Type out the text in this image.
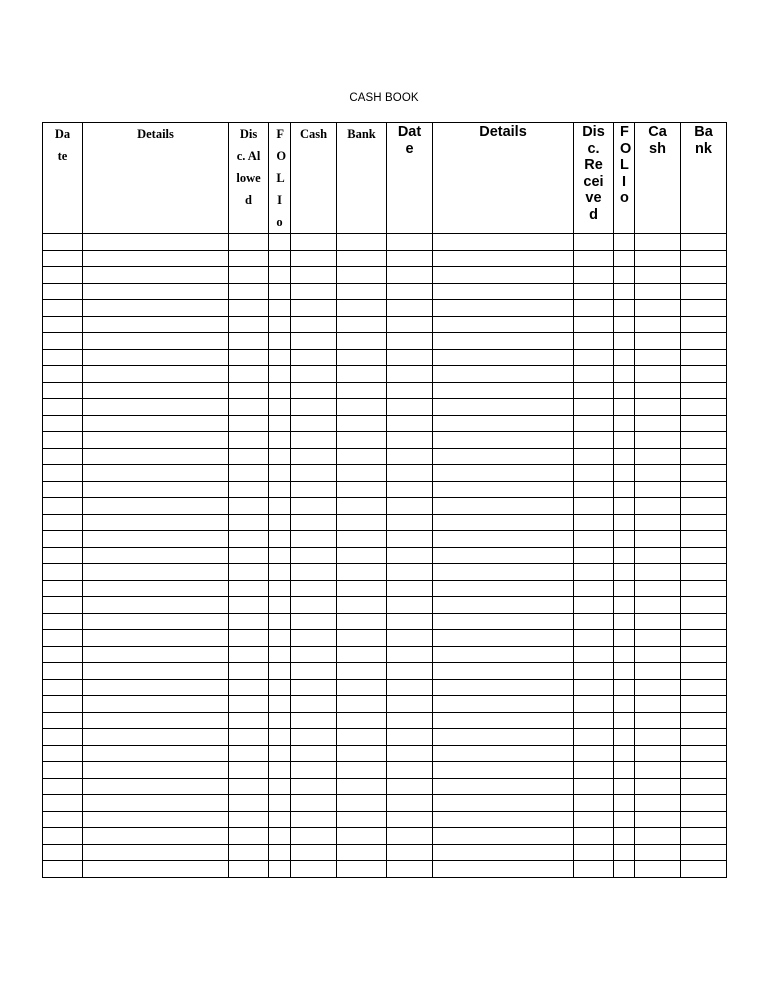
CASH BOOK
Date	Details	Disc. Allowed	FOLIo	Cash	Bank	Date	Details	Disc. Received	FOLIo	Cash	Bank
